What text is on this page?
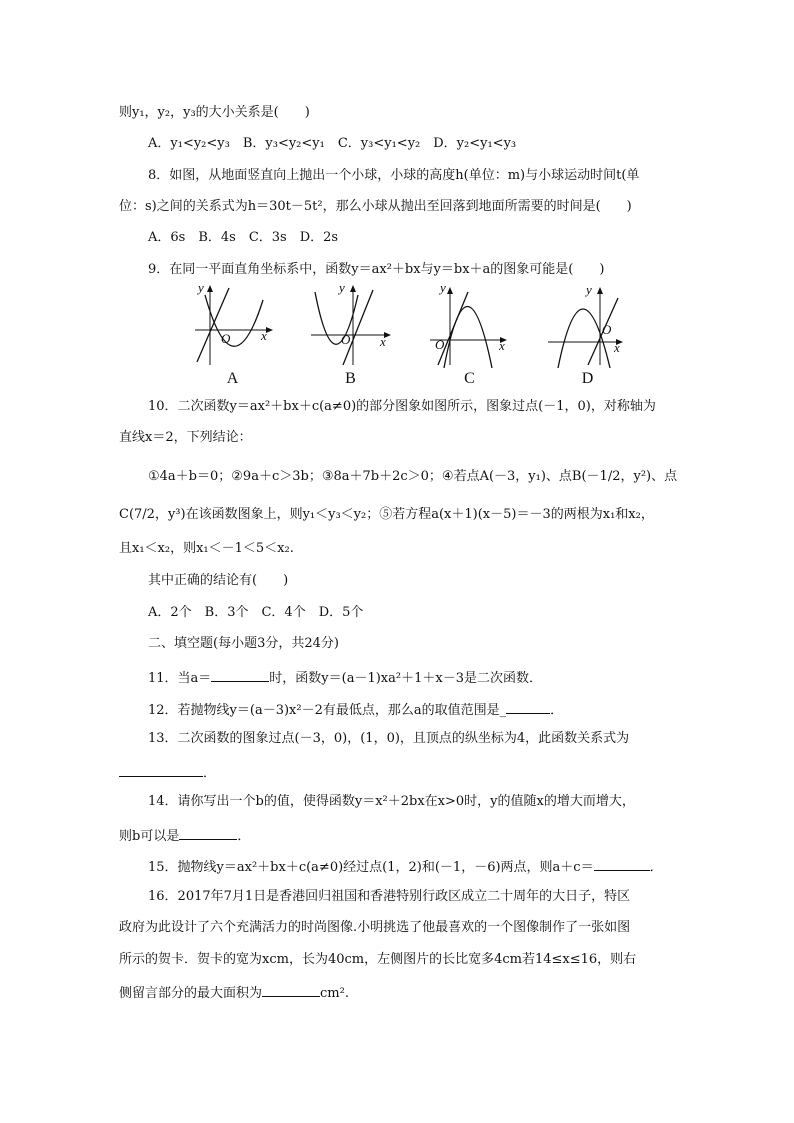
则y₁，y₂，y₃的大小关系是(　　)
A．y₁<y₂<y₃　B．y₃<y₂<y₁　C．y₃<y₁<y₂　D．y₂<y₁<y₃
8．如图，从地面竖直向上抛出一个小球，小球的高度h(单位：m)与小球运动时间t(单
位：s)之间的关系式为h＝30t－5t²，那么小球从抛出至回落到地面所需要的时间是(　　)
A．6s　B．4s　C．3s　D．2s
9．在同一平面直角坐标系中，函数y＝ax²＋bx与y＝bx＋a的图象可能是(　　)
y
x
O
A
y
x
O
B
y
x
O
C
y
x
O
D
10．二次函数y＝ax²＋bx＋c(a≠0)的部分图象如图所示，图象过点(－1，0)，对称轴为
直线x＝2，下列结论：
①4a＋b＝0；②9a＋c＞3b；③8a＋7b＋2c＞0；④若点A(－3，y₁)、点B(－1/2，y²)、点
C(7/2，y³)在该函数图象上，则y₁＜y₃＜y₂；⑤若方程a(x＋1)(x－5)＝－3的两根为x₁和x₂，
且x₁＜x₂，则x₁＜－1＜5＜x₂.
其中正确的结论有(　　)
A．2个　B．3个　C．4个　D．5个
二、填空题(每小题3分，共24分)
11．当a＝	时，函数y＝(a－1)xa²＋1＋x－3是二次函数．
12．若抛物线y＝(a－3)x²－2有最低点，那么a的取值范围是_	．
13．二次函数的图象过点(－3，0)，(1，0)，且顶点的纵坐标为4，此函数关系式为
．
14．请你写出一个b的值，使得函数y＝x²＋2bx在x>0时，y的值随x的增大而增大，
则b可以是	．
15．抛物线y＝ax²＋bx＋c(a≠0)经过点(1，2)和(－1，－6)两点，则a＋c＝	．
16．2017年7月1日是香港回归祖国和香港特别行政区成立二十周年的大日子，特区
政府为此设计了六个充满活力的时尚图像.小明挑选了他最喜欢的一个图像制作了一张如图
所示的贺卡．贺卡的宽为xcm，长为40cm，左侧图片的长比宽多4cm若14≤x≤16，则右
侧留言部分的最大面积为	cm².
